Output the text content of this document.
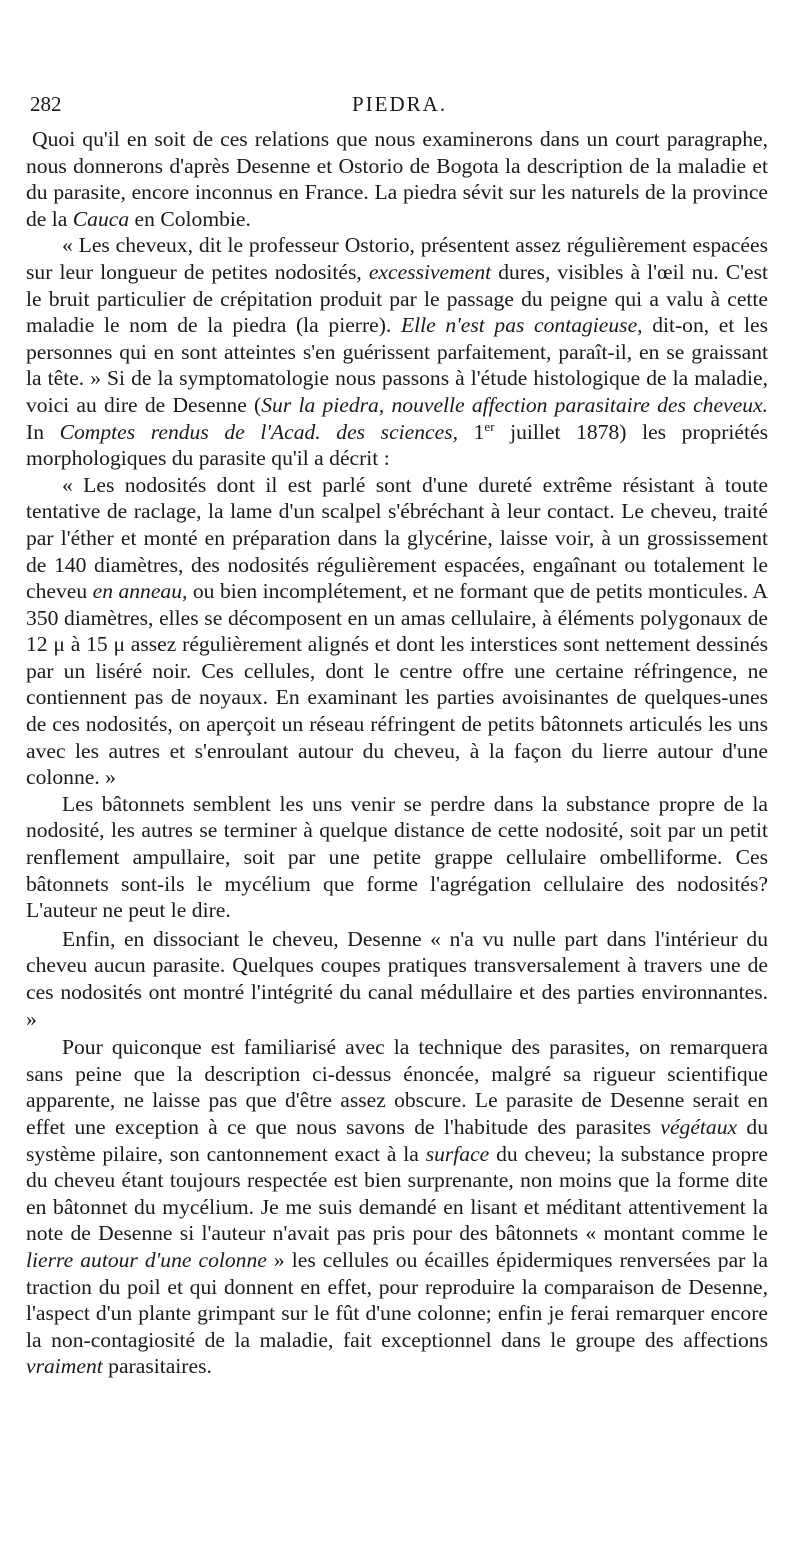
282	PIEDRA.

Quoi qu'il en soit de ces relations que nous examinerons dans un court paragraphe, nous donnerons d'après Desenne et Ostorio de Bogota la description de la maladie et du parasite, encore inconnus en France. La piedra sévit sur les naturels de la province de la Cauca en Colombie.

« Les cheveux, dit le professeur Ostorio, présentent assez régulièrement espacées sur leur longueur de petites nodosités, excessivement dures, visibles à l'œil nu. C'est le bruit particulier de crépitation produit par le passage du peigne qui a valu à cette maladie le nom de la piedra (la pierre). Elle n'est pas contagieuse, dit-on, et les personnes qui en sont atteintes s'en guérissent parfaitement, paraît-il, en se graissant la tête. » Si de la symptomatologie nous passons à l'étude histologique de la maladie, voici au dire de Desenne (Sur la piedra, nouvelle affection parasitaire des cheveux. In Comptes rendus de l'Acad. des sciences, 1er juillet 1878) les propriétés morphologiques du parasite qu'il a décrit :

« Les nodosités dont il est parlé sont d'une dureté extrême résistant à toute tentative de raclage, la lame d'un scalpel s'ébréchant à leur contact. Le cheveu, traité par l'éther et monté en préparation dans la glycérine, laisse voir, à un grossissement de 140 diamètres, des nodosités régulièrement espacées, engaînant ou totalement le cheveu en anneau, ou bien incomplétement, et ne formant que de petits monticules. A 350 diamètres, elles se décomposent en un amas cellulaire, à éléments polygonaux de 12 μ à 15 μ assez régulièrement alignés et dont les interstices sont nettement dessinés par un liséré noir. Ces cellules, dont le centre offre une certaine réfringence, ne contiennent pas de noyaux. En examinant les parties avoisinantes de quelques-unes de ces nodosités, on aperçoit un réseau réfringent de petits bâtonnets articulés les uns avec les autres et s'enroulant autour du cheveu, à la façon du lierre autour d'une colonne. »

Les bâtonnets semblent les uns venir se perdre dans la substance propre de la nodosité, les autres se terminer à quelque distance de cette nodosité, soit par un petit renflement ampullaire, soit par une petite grappe cellulaire ombelliforme. Ces bâtonnets sont-ils le mycélium que forme l'agrégation cellulaire des nodosités? L'auteur ne peut le dire.

Enfin, en dissociant le cheveu, Desenne « n'a vu nulle part dans l'intérieur du cheveu aucun parasite. Quelques coupes pratiques transversalement à travers une de ces nodosités ont montré l'intégrité du canal médullaire et des parties environnantes. »

Pour quiconque est familiarisé avec la technique des parasites, on remarquera sans peine que la description ci-dessus énoncée, malgré sa rigueur scientifique apparente, ne laisse pas que d'être assez obscure. Le parasite de Desenne serait en effet une exception à ce que nous savons de l'habitude des parasites végétaux du système pilaire, son cantonnement exact à la surface du cheveu; la substance propre du cheveu étant toujours respectée est bien surprenante, non moins que la forme dite en bâtonnet du mycélium. Je me suis demandé en lisant et méditant attentivement la note de Desenne si l'auteur n'avait pas pris pour des bâtonnets « montant comme le lierre autour d'une colonne » les cellules ou écailles épidermiques renversées par la traction du poil et qui donnent en effet, pour reproduire la comparaison de Desenne, l'aspect d'un plante grimpant sur le fût d'une colonne; enfin je ferai remarquer encore la non-contagiosité de la maladie, fait exceptionnel dans le groupe des affections vraiment parasitaires.
